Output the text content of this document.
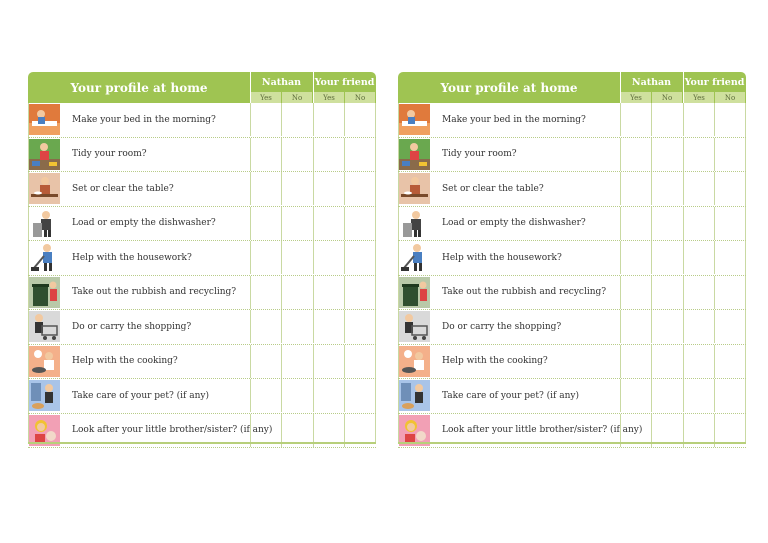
Your profile at home	Nathan	Your friend
Yes	No	Yes	No
Make your bed in the morning?
Tidy your room?
Set or clear the table?
Load or empty the dishwasher?
Help with the housework?
Take out the rubbish and recycling?
Do or carry the shopping?
Help with the cooking?
Take care of your pet? (if any)
Look after your little brother/sister? (if any)
Your profile at home	Nathan	Your friend
Yes	No	Yes	No
Make your bed in the morning?
Tidy your room?
Set or clear the table?
Load or empty the dishwasher?
Help with the housework?
Take out the rubbish and recycling?
Do or carry the shopping?
Help with the cooking?
Take care of your pet? (if any)
Look after your little brother/sister? (if any)
